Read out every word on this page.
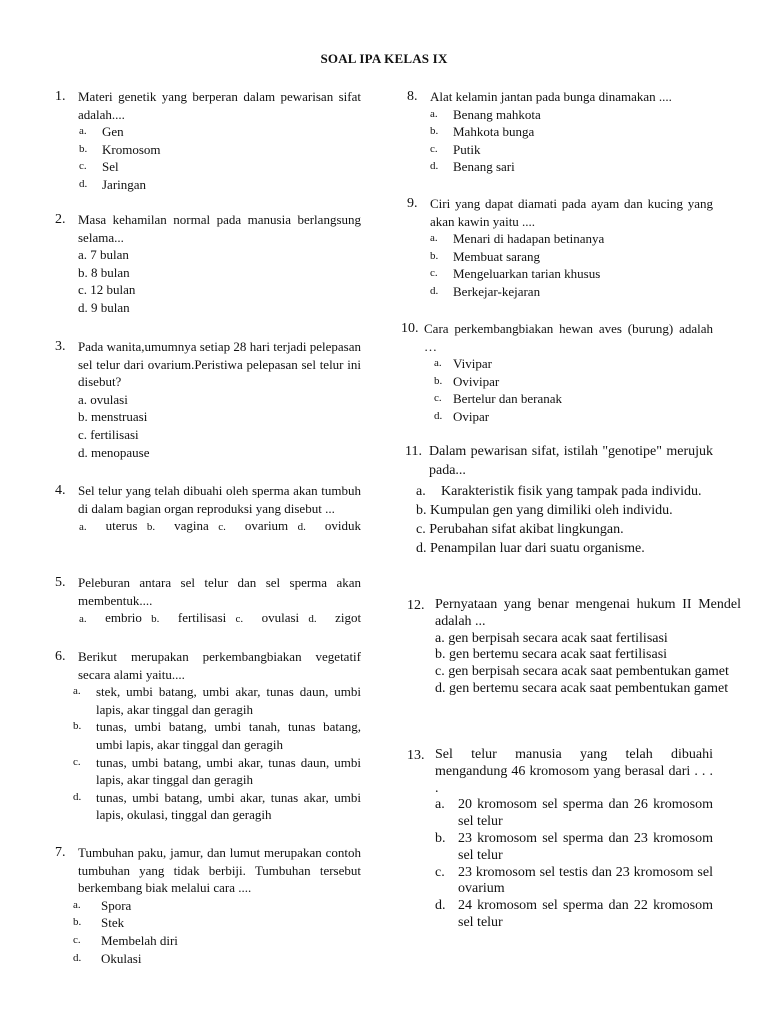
SOAL IPA KELAS IX
1. Materi genetik yang berperan dalam pewarisan sifat adalah....
a. Gen
b. Kromosom
c. Sel
d. Jaringan
2. Masa kehamilan normal pada manusia berlangsung selama...
a. 7 bulan
b. 8 bulan
c. 12 bulan
d. 9 bulan
3. Pada wanita,umumnya setiap 28 hari terjadi pelepasan sel telur dari ovarium.Peristiwa pelepasan sel telur ini disebut?
a. ovulasi
b. menstruasi
c. fertilisasi
d. menopause
4. Sel telur yang telah dibuahi oleh sperma akan tumbuh di dalam bagian organ reproduksi yang disebut ...
a. uterus b. vagina c. ovarium d. oviduk
5. Peleburan antara sel telur dan sel sperma akan membentuk....
a. embrio b. fertilisasi c. ovulasi d. zigot
6. Berikut merupakan perkembangbiakan vegetatif secara alami yaitu....
a. stek, umbi batang, umbi akar, tunas daun, umbi lapis, akar tinggal dan geragih
b. tunas, umbi batang, umbi tanah, tunas batang, umbi lapis, akar tinggal dan geragih
c. tunas, umbi batang, umbi akar, tunas daun, umbi lapis, akar tinggal dan geragih
d. tunas, umbi batang, umbi akar, tunas akar, umbi lapis, okulasi, tinggal dan geragih
7. Tumbuhan paku, jamur, dan lumut merupakan contoh tumbuhan yang tidak berbiji. Tumbuhan tersebut berkembang biak melalui cara ....
a. Spora
b. Stek
c. Membelah diri
d. Okulasi
8. Alat kelamin jantan pada bunga dinamakan ....
a. Benang mahkota
b. Mahkota bunga
c. Putik
d. Benang sari
9. Ciri yang dapat diamati pada ayam dan kucing yang akan kawin yaitu ....
a. Menari di hadapan betinanya
b. Membuat sarang
c. Mengeluarkan tarian khusus
d. Berkejar-kejaran
10. Cara perkembangbiakan hewan aves (burung) adalah …
a. Vivipar
b. Ovivipar
c. Bertelur dan beranak
d. Ovipar
11. Dalam pewarisan sifat, istilah "genotipe" merujuk pada...
a. Karakteristik fisik yang tampak pada individu.
b. Kumpulan gen yang dimiliki oleh individu.
c. Perubahan sifat akibat lingkungan.
d. Penampilan luar dari suatu organisme.
12. Pernyataan yang benar mengenai hukum II Mendel adalah ...
a. gen berpisah secara acak saat fertilisasi
b. gen bertemu secara acak saat fertilisasi
c. gen berpisah secara acak saat pembentukan gamet
d. gen bertemu secara acak saat pembentukan gamet
13. Sel telur manusia yang telah dibuahi mengandung 46 kromosom yang berasal dari . . . .
a. 20 kromosom sel sperma dan 26 kromosom sel telur
b. 23 kromosom sel sperma dan 23 kromosom sel telur
c. 23 kromosom sel testis dan 23 kromosom sel ovarium
d. 24 kromosom sel sperma dan 22 kromosom sel telur
